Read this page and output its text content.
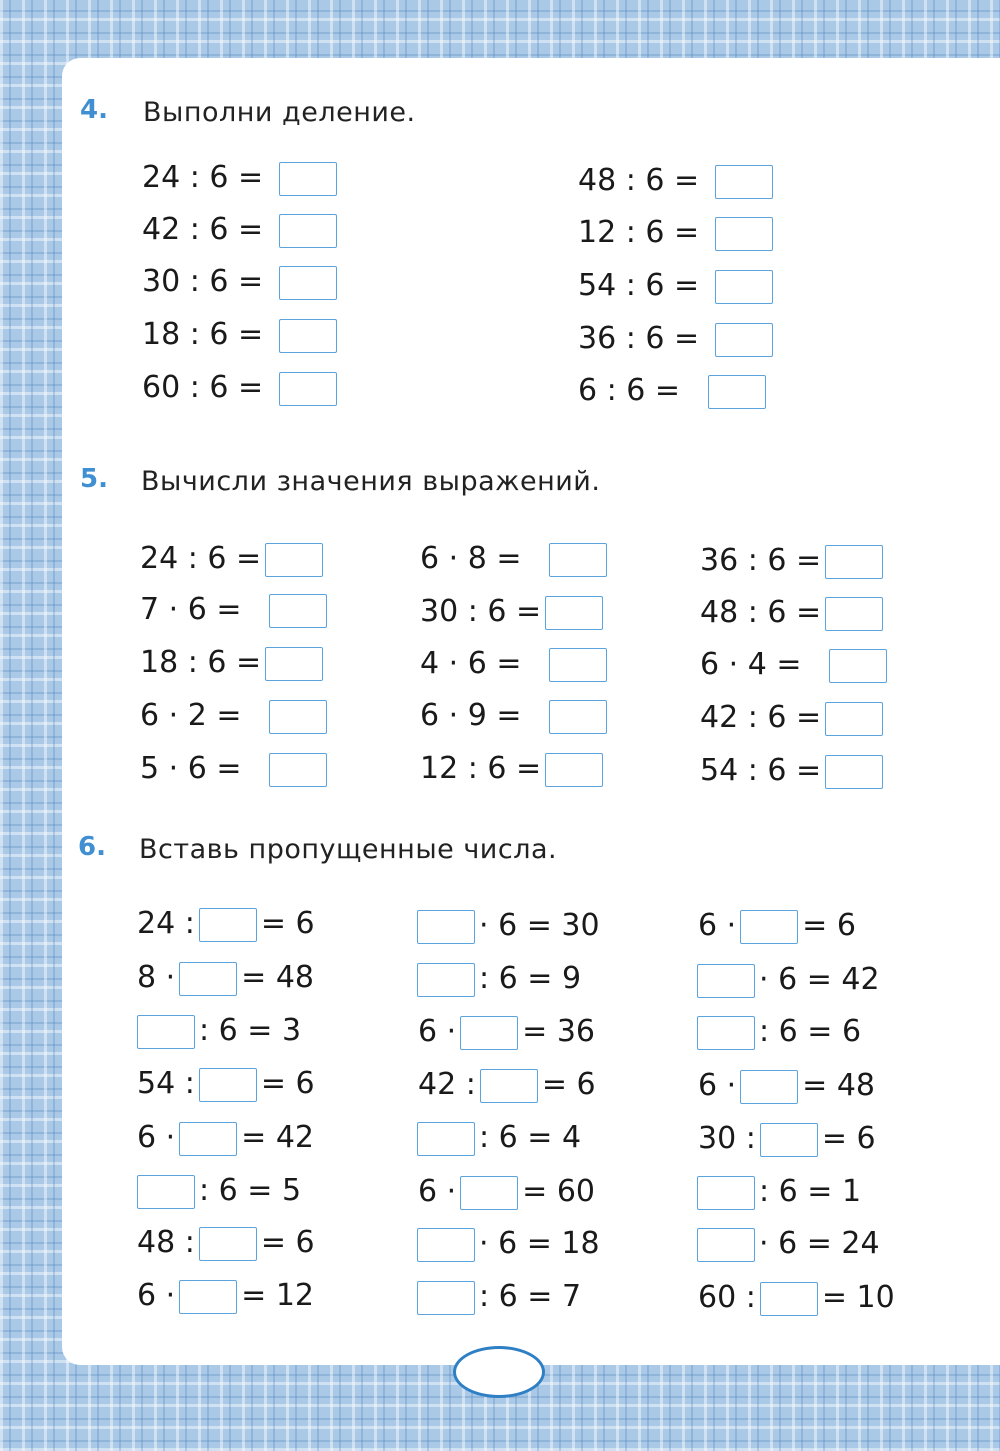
4. Выполни деление.
24 : 6 =
42 : 6 =
30 : 6 =
18 : 6 =
60 : 6 =
48 : 6 =
12 : 6 =
54 : 6 =
36 : 6 =
6 : 6 =
5. Вычисли значения выражений.
24 : 6 =
7 · 6 =
18 : 6 =
6 · 2 =
5 · 6 =
6 · 8 =
30 : 6 =
4 · 6 =
6 · 9 =
12 : 6 =
36 : 6 =
48 : 6 =
6 · 4 =
42 : 6 =
54 : 6 =
6. Вставь пропущенные числа.
24 : = 6
8 · = 48
: 6 = 3
54 : = 6
6 · = 42
: 6 = 5
48 : = 6
6 · = 12
· 6 = 30
: 6 = 9
6 · = 36
42 : = 6
: 6 = 4
6 · = 60
· 6 = 18
: 6 = 7
6 · = 6
· 6 = 42
: 6 = 6
6 · = 48
30 : = 6
: 6 = 1
· 6 = 24
60 : = 10
